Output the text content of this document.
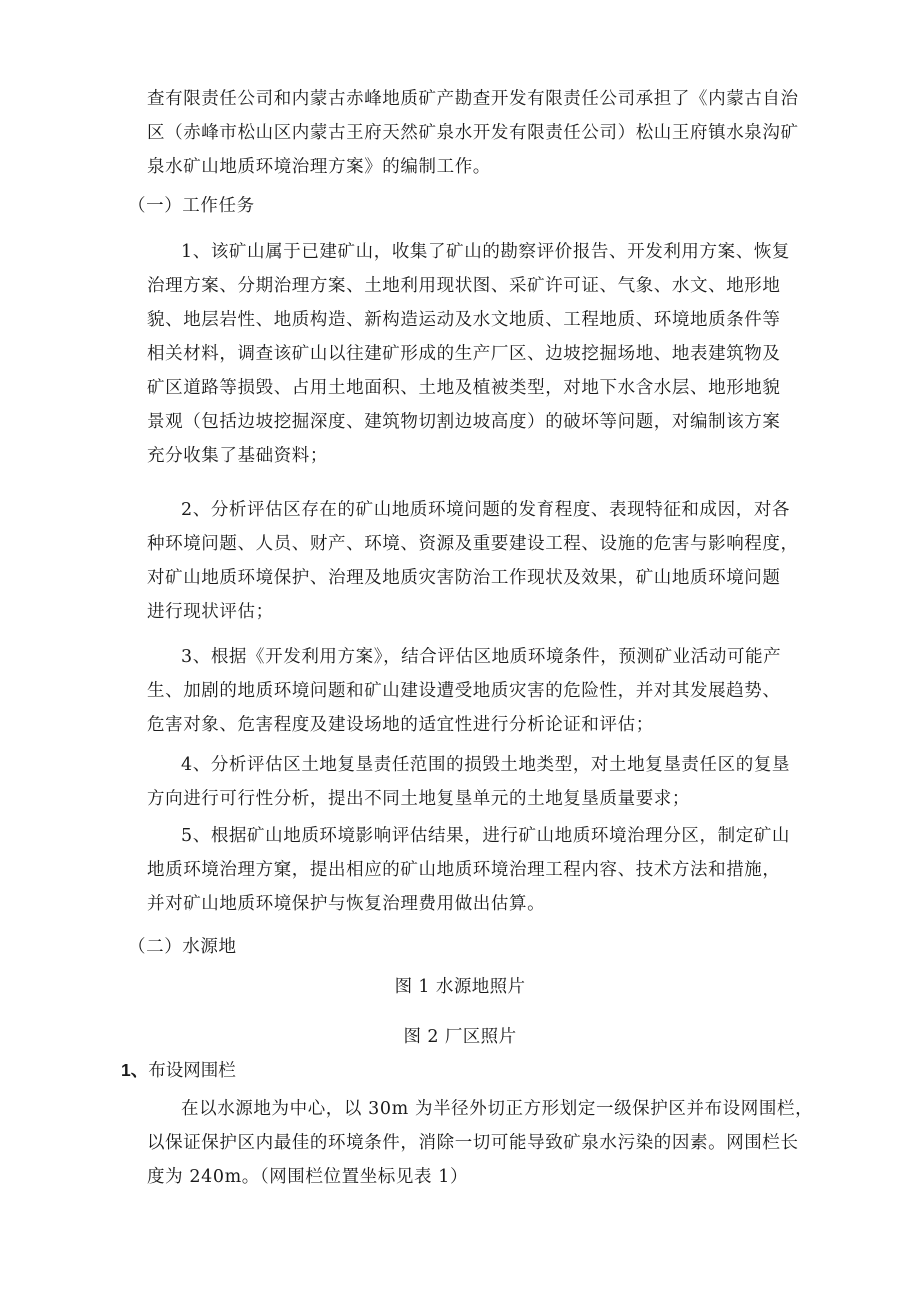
查有限责任公司和内蒙古赤峰地质矿产勘查开发有限责任公司承担了《内蒙古自治
区（赤峰市松山区内蒙古王府天然矿泉水开发有限责任公司）松山王府镇水泉沟矿
泉水矿山地质环境治理方案》的编制工作。
（一）工作任务
1、该矿山属于已建矿山，收集了矿山的勘察评价报告、开发利用方案、恢复
治理方案、分期治理方案、土地利用现状图、采矿许可证、气象、水文、地形地
貌、地层岩性、地质构造、新构造运动及水文地质、工程地质、环境地质条件等
相关材料，调查该矿山以往建矿形成的生产厂区、边坡挖掘场地、地表建筑物及
矿区道路等损毁、占用土地面积、土地及植被类型，对地下水含水层、地形地貌
景观（包括边坡挖掘深度、建筑物切割边坡高度）的破坏等问题，对编制该方案
充分收集了基础资料；
2、分析评估区存在的矿山地质环境问题的发育程度、表现特征和成因，对各
种环境问题、人员、财产、环境、资源及重要建设工程、设施的危害与影响程度，
对矿山地质环境保护、治理及地质灾害防治工作现状及效果，矿山地质环境问题
进行现状评估；
3、根据《开发利用方案》，结合评估区地质环境条件，预测矿业活动可能产
生、加剧的地质环境问题和矿山建设遭受地质灾害的危险性，并对其发展趋势、
危害对象、危害程度及建设场地的适宜性进行分析论证和评估；
4、分析评估区土地复垦责任范围的损毁土地类型，对土地复垦责任区的复垦
方向进行可行性分析，提出不同土地复垦单元的土地复垦质量要求；
5、根据矿山地质环境影响评估结果，进行矿山地质环境治理分区，制定矿山
地质环境治理方窠，提出相应的矿山地质环境治理工程内容、技术方法和措施，
并对矿山地质环境保护与恢复治理费用做出估算。
（二）水源地
图 1 水源地照片
图 2 厂区照片
1、布设网围栏
在以水源地为中心，以 30m 为半径外切正方形划定一级保护区并布设网围栏，
以保证保护区内最佳的环境条件，消除一切可能导致矿泉水污染的因素。网围栏长
度为 240m。（网围栏位置坐标见表 1）
